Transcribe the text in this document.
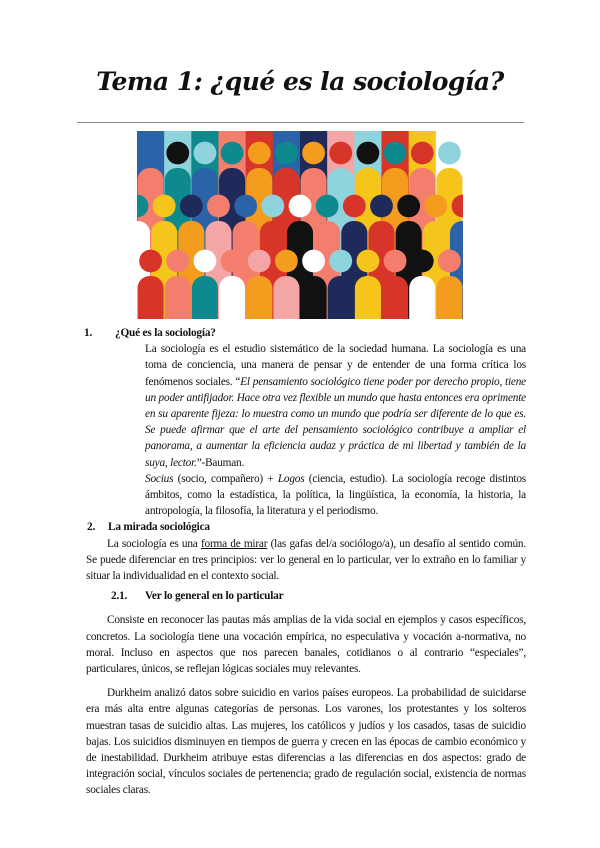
Tema 1: ¿qué es la sociología?
1.	¿Qué es la sociología?
La sociología es el estudio sistemático de la sociedad humana. La sociología es una toma de conciencia, una manera de pensar y de entender de una forma crítica los fenómenos sociales. “El pensamiento sociológico tiene poder por derecho propio, tiene un poder antifijador. Hace otra vez flexible un mundo que hasta entonces era oprimente en su aparente fijeza: lo muestra como un mundo que podría ser diferente de lo que es. Se puede afirmar que el arte del pensamiento sociológico contribuye a ampliar el panorama, a aumentar la eficiencia audaz y práctica de mi libertad y también de la suya, lector.”-Bauman.
Socius (socio, compañero) + Logos (ciencia, estudio). La sociología recoge distintos ámbitos, como la estadística, la política, la lingüística, la economía, la historia, la antropología, la filosofía, la literatura y el periodismo.
2.	La mirada sociológica
La sociología es una forma de mirar (las gafas del/a sociólogo/a), un desafío al sentido común. Se puede diferenciar en tres principios: ver lo general en lo particular, ver lo extraño en lo familiar y situar la individualidad en el contexto social.
2.1.	Ver lo general en lo particular
Consiste en reconocer las pautas más amplias de la vida social en ejemplos y casos específicos, concretos. La sociología tiene una vocación empírica, no especulativa y vocación a-normativa, no moral. Incluso en aspectos que nos parecen banales, cotidianos o al contrario “especiales”, particulares, únicos, se reflejan lógicas sociales muy relevantes.
Durkheim analizó datos sobre suicidio en varios países europeos. La probabilidad de suicidarse era más alta entre algunas categorías de personas. Los varones, los protestantes y los solteros muestran tasas de suicidio altas. Las mujeres, los católicos y judíos y los casados, tasas de suicidio bajas. Los suicidios disminuyen en tiempos de guerra y crecen en las épocas de cambio económico y de inestabilidad. Durkheim atribuye estas diferencias a las diferencias en dos aspectos: grado de integración social, vínculos sociales de pertenencia; grado de regulación social, existencia de normas sociales claras.
